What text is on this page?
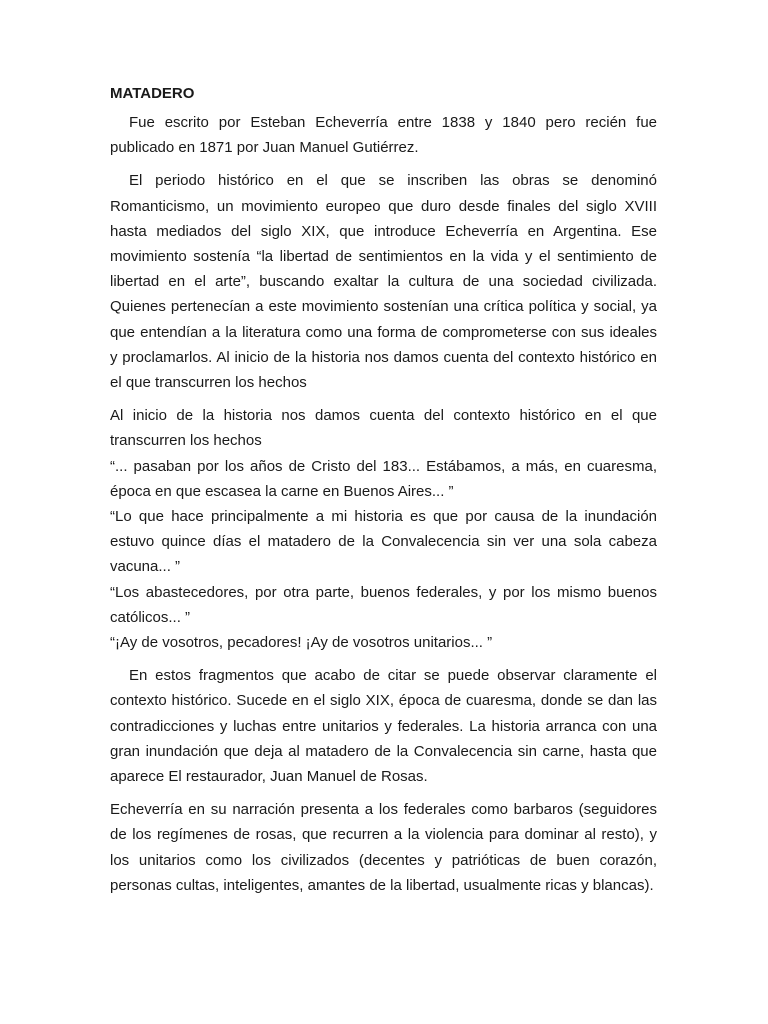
MATADERO

Fue escrito por Esteban Echeverría entre 1838 y 1840 pero recién fue publicado en 1871 por Juan Manuel Gutiérrez.

El periodo histórico en el que se inscriben las obras se denominó Romanticismo, un movimiento europeo que duro desde finales del siglo XVIII hasta mediados del siglo XIX, que introduce Echeverría en Argentina. Ese movimiento sostenía “la libertad de sentimientos en la vida y el sentimiento de libertad en el arte”, buscando exaltar la cultura de una sociedad civilizada. Quienes pertenecían a este movimiento sostenían una crítica política y social, ya que entendían a la literatura como una forma de comprometerse con sus ideales y proclamarlos. Al inicio de la historia nos damos cuenta del contexto histórico en el que transcurren los hechos

Al inicio de la historia nos damos cuenta del contexto histórico en el que transcurren los hechos

“... pasaban por los años de Cristo del 183... Estábamos, a más, en cuaresma, época en que escasea la carne en Buenos Aires... ”

“Lo que hace principalmente a mi historia es que por causa de la inundación estuvo quince días el matadero de la Convalecencia sin ver una sola cabeza vacuna... ”

“Los abastecedores, por otra parte, buenos federales, y por los mismo buenos católicos... ”

“¡Ay de vosotros, pecadores! ¡Ay de vosotros unitarios... ”

En estos fragmentos que acabo de citar se puede observar claramente el contexto histórico. Sucede en el siglo XIX, época de cuaresma, donde se dan las contradicciones y luchas entre unitarios y federales. La historia arranca con una gran inundación que deja al matadero de la Convalecencia sin carne, hasta que aparece El restaurador, Juan Manuel de Rosas.

Echeverría en su narración presenta a los federales como barbaros (seguidores de los regímenes de rosas, que recurren a la violencia para dominar al resto), y los unitarios como los civilizados (decentes y patrióticas de buen corazón, personas cultas, inteligentes, amantes de la libertad, usualmente ricas y blancas).
